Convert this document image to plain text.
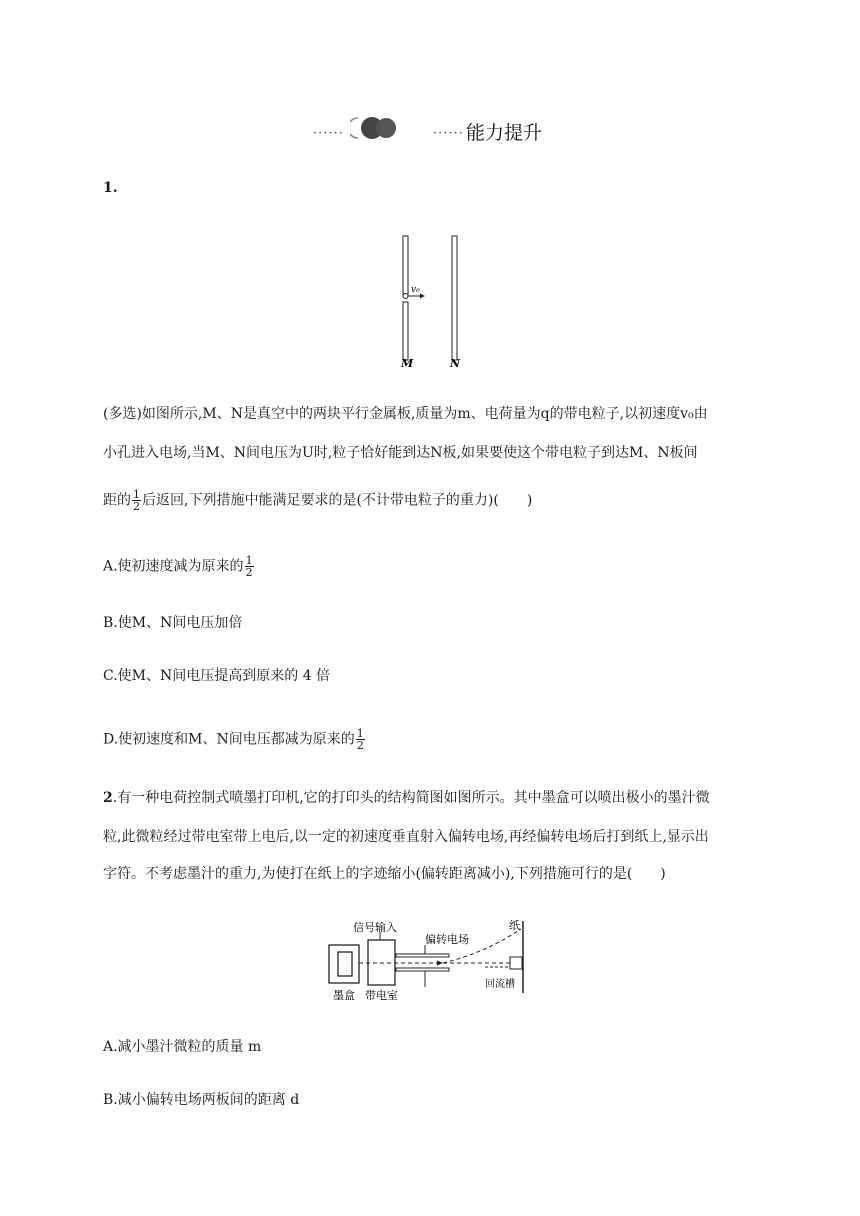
······	······ 能力提升
1.
v₀
M	N
(多选)如图所示,M、N是真空中的两块平行金属板,质量为m、电荷量为q的带电粒子,以初速度v₀由
小孔进入电场,当M、N间电压为U时,粒子恰好能到达N板,如果要使这个带电粒子到达M、N板间
距的 $\frac{1}{2}$ 后返回,下列措施中能满足要求的是(不计带电粒子的重力)(　　)
A.使初速度减为原来的 $\frac{1}{2}$
B.使M、N间电压加倍
C.使M、N间电压提高到原来的 4 倍
D.使初速度和M、N间电压都减为原来的 $\frac{1}{2}$
2.有一种电荷控制式喷墨打印机,它的打印头的结构简图如图所示。其中墨盒可以喷出极小的墨汁微
粒,此微粒经过带电室带上电后,以一定的初速度垂直射入偏转电场,再经偏转电场后打到纸上,显示出
字符。不考虑墨汁的重力,为使打在纸上的字迹缩小(偏转距离减小),下列措施可行的是(　　)
信号输入
偏转电场
纸
墨盒 带电室
回流槽
A.减小墨汁微粒的质量 m
B.减小偏转电场两板间的距离 d
